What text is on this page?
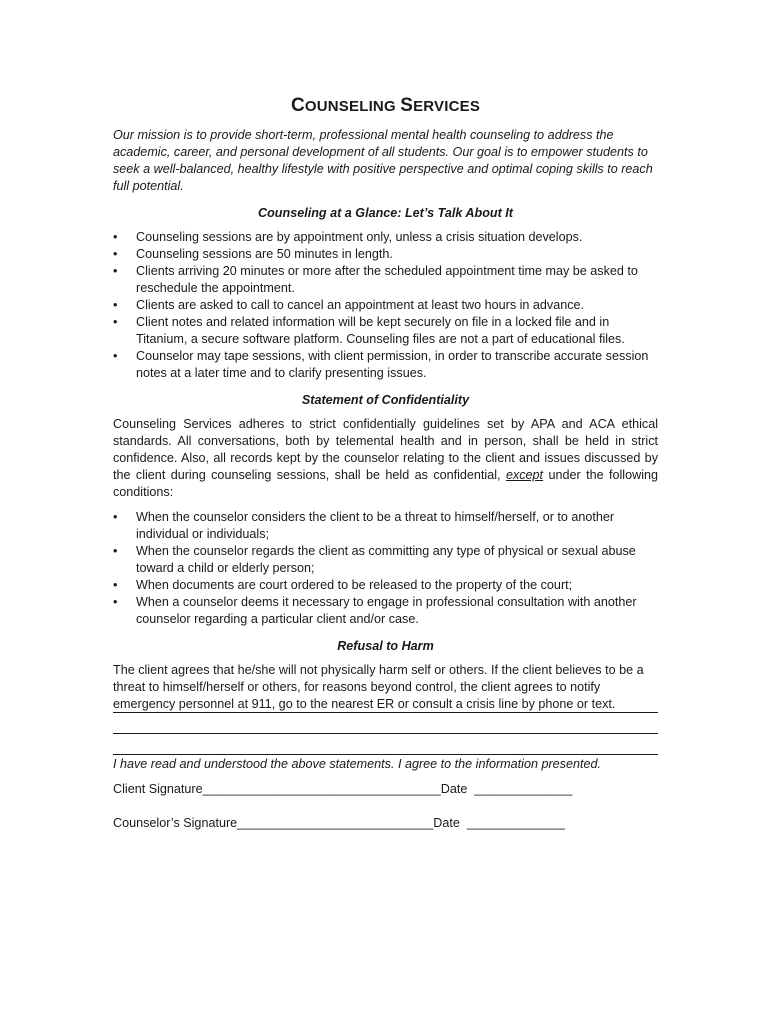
COUNSELING SERVICES

Our mission is to provide short-term, professional mental health counseling to address the academic, career, and personal development of all students. Our goal is to empower students to seek a well-balanced, healthy lifestyle with positive perspective and optimal coping skills to reach full potential.

Counseling at a Glance: Let’s Talk About It
• Counseling sessions are by appointment only, unless a crisis situation develops.
• Counseling sessions are 50 minutes in length.
• Clients arriving 20 minutes or more after the scheduled appointment time may be asked to reschedule the appointment.
• Clients are asked to call to cancel an appointment at least two hours in advance.
• Client notes and related information will be kept securely on file in a locked file and in Titanium, a secure software platform. Counseling files are not a part of educational files.
• Counselor may tape sessions, with client permission, in order to transcribe accurate session notes at a later time and to clarify presenting issues.
Statement of Confidentiality

Counseling Services adheres to strict confidentially guidelines set by APA and ACA ethical standards. All conversations, both by telemental health and in person, shall be held in strict confidence. Also, all records kept by the counselor relating to the client and issues discussed by the client during counseling sessions, shall be held as confidential, except under the following conditions:

• When the counselor considers the client to be a threat to himself/herself, or to another individual or individuals;
• When the counselor regards the client as committing any type of physical or sexual abuse toward a child or elderly person;
• When documents are court ordered to be released to the property of the court;
• When a counselor deems it necessary to engage in professional consultation with another counselor regarding a particular client and/or case.
Refusal to Harm

The client agrees that he/she will not physically harm self or others. If the client believes to be a threat to himself/herself or others, for reasons beyond control, the client agrees to notify emergency personnel at 911, go to the nearest ER or consult a crisis line by phone or text.

I have read and understood the above statements. I agree to the information presented.

Client Signature__________________________________Date  ______________
Counselor’s Signature____________________________Date  ______________
